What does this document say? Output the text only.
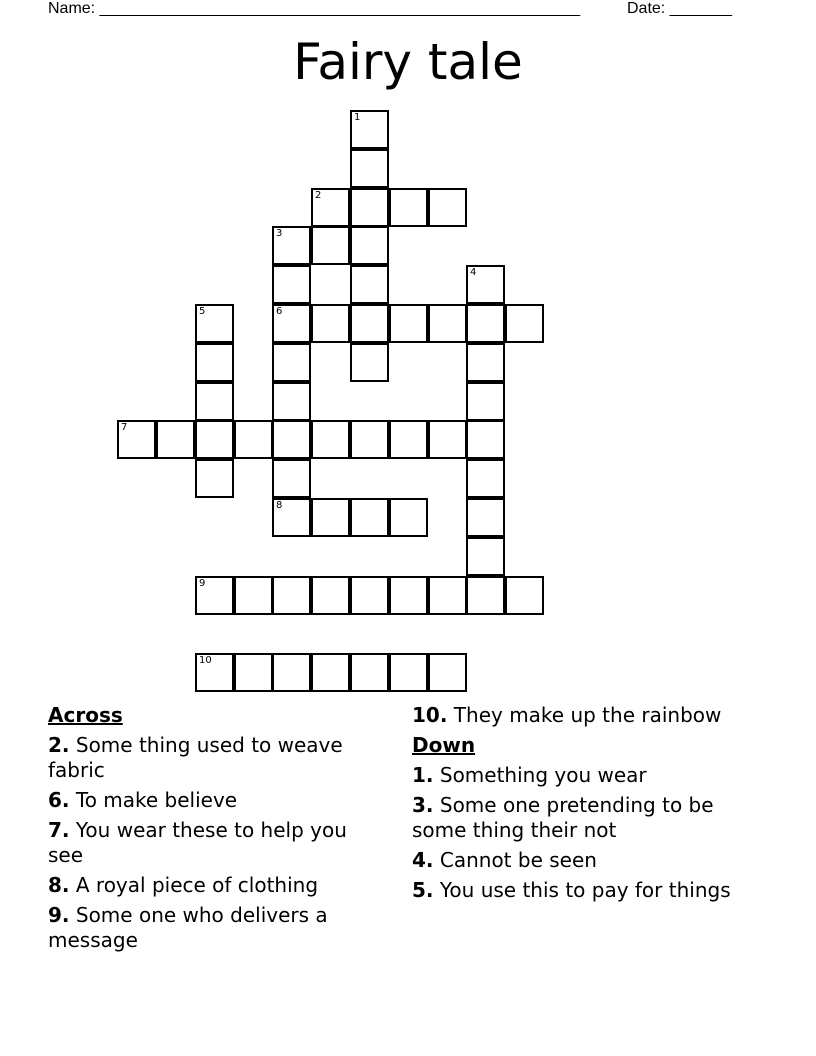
Name: ______________________________________________________	Date: _______
Fairy tale
1
2
3
4
5	6
7
8
9
10
Across
2. Some thing used to weave fabric
6. To make believe
7. You wear these to help you see
8. A royal piece of clothing
9. Some one who delivers a message
10. They make up the rainbow
Down
1. Something you wear
3. Some one pretending to be some thing their not
4. Cannot be seen
5. You use this to pay for things
